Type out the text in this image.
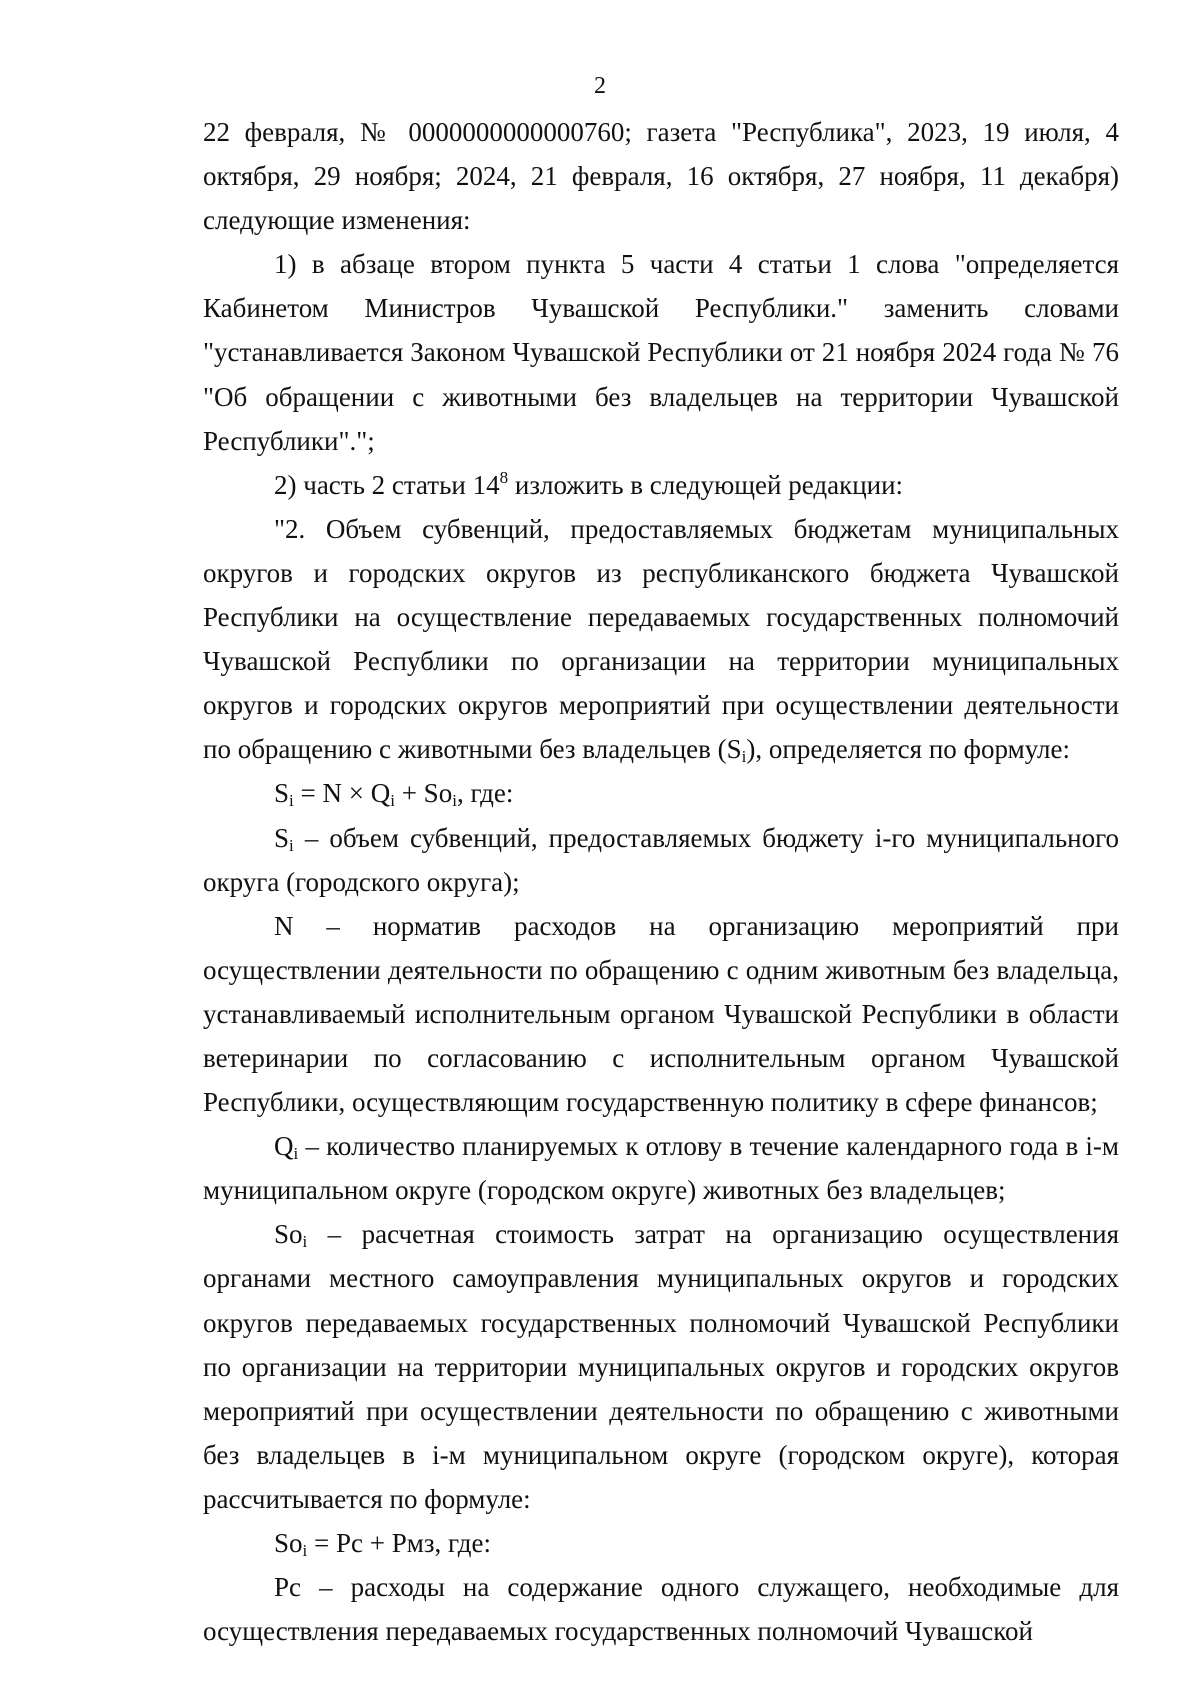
2

22 февраля, № 0000000000000760; газета "Республика", 2023, 19 июля, 4 октября, 29 ноября; 2024, 21 февраля, 16 октября, 27 ноября, 11 декабря) следующие изменения:

1) в абзаце втором пункта 5 части 4 статьи 1 слова "определяется Кабинетом Министров Чувашской Республики." заменить словами "устанавливается Законом Чувашской Республики от 21 ноября 2024 года № 76 "Об обращении с животными без владельцев на территории Чувашской Республики".";

2) часть 2 статьи $14^8$ изложить в следующей редакции:

"2. Объем субвенций, предоставляемых бюджетам муниципальных округов и городских округов из республиканского бюджета Чувашской Республики на осуществление передаваемых государственных полномочий Чувашской Республики по организации на территории муниципальных округов и городских округов мероприятий при осуществлении деятельности по обращению с животными без владельцев $(S_i)$, определяется по формуле:

$S_i = N \times Q_i + So_i$, где:

$S_i$ – объем субвенций, предоставляемых бюджету i-го муниципального округа (городского округа);

N – норматив расходов на организацию мероприятий при осуществлении деятельности по обращению с одним животным без владельца, устанавливаемый исполнительным органом Чувашской Республики в области ветеринарии по согласованию с исполнительным органом Чувашской Республики, осуществляющим государственную политику в сфере финансов;

$Q_i$ – количество планируемых к отлову в течение календарного года в i-м муниципальном округе (городском округе) животных без владельцев;

$So_i$ – расчетная стоимость затрат на организацию осуществления органами местного самоуправления муниципальных округов и городских округов передаваемых государственных полномочий Чувашской Республики по организации на территории муниципальных округов и городских округов мероприятий при осуществлении деятельности по обращению с животными без владельцев в i-м муниципальном округе (городском округе), которая рассчитывается по формуле:

$So_i$ = Рс + Рмз, где:

Рс – расходы на содержание одного служащего, необходимые для осуществления передаваемых государственных полномочий Чувашской
